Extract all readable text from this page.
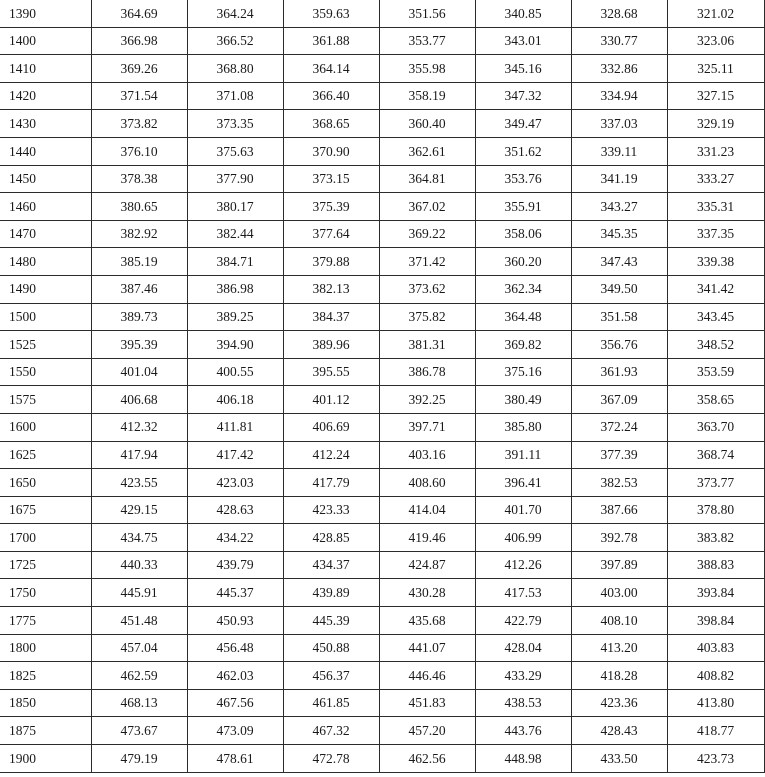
1390	364.69	364.24	359.63	351.56	340.85	328.68	321.02
1400	366.98	366.52	361.88	353.77	343.01	330.77	323.06
1410	369.26	368.80	364.14	355.98	345.16	332.86	325.11
1420	371.54	371.08	366.40	358.19	347.32	334.94	327.15
1430	373.82	373.35	368.65	360.40	349.47	337.03	329.19
1440	376.10	375.63	370.90	362.61	351.62	339.11	331.23
1450	378.38	377.90	373.15	364.81	353.76	341.19	333.27
1460	380.65	380.17	375.39	367.02	355.91	343.27	335.31
1470	382.92	382.44	377.64	369.22	358.06	345.35	337.35
1480	385.19	384.71	379.88	371.42	360.20	347.43	339.38
1490	387.46	386.98	382.13	373.62	362.34	349.50	341.42
1500	389.73	389.25	384.37	375.82	364.48	351.58	343.45
1525	395.39	394.90	389.96	381.31	369.82	356.76	348.52
1550	401.04	400.55	395.55	386.78	375.16	361.93	353.59
1575	406.68	406.18	401.12	392.25	380.49	367.09	358.65
1600	412.32	411.81	406.69	397.71	385.80	372.24	363.70
1625	417.94	417.42	412.24	403.16	391.11	377.39	368.74
1650	423.55	423.03	417.79	408.60	396.41	382.53	373.77
1675	429.15	428.63	423.33	414.04	401.70	387.66	378.80
1700	434.75	434.22	428.85	419.46	406.99	392.78	383.82
1725	440.33	439.79	434.37	424.87	412.26	397.89	388.83
1750	445.91	445.37	439.89	430.28	417.53	403.00	393.84
1775	451.48	450.93	445.39	435.68	422.79	408.10	398.84
1800	457.04	456.48	450.88	441.07	428.04	413.20	403.83
1825	462.59	462.03	456.37	446.46	433.29	418.28	408.82
1850	468.13	467.56	461.85	451.83	438.53	423.36	413.80
1875	473.67	473.09	467.32	457.20	443.76	428.43	418.77
1900	479.19	478.61	472.78	462.56	448.98	433.50	423.73
